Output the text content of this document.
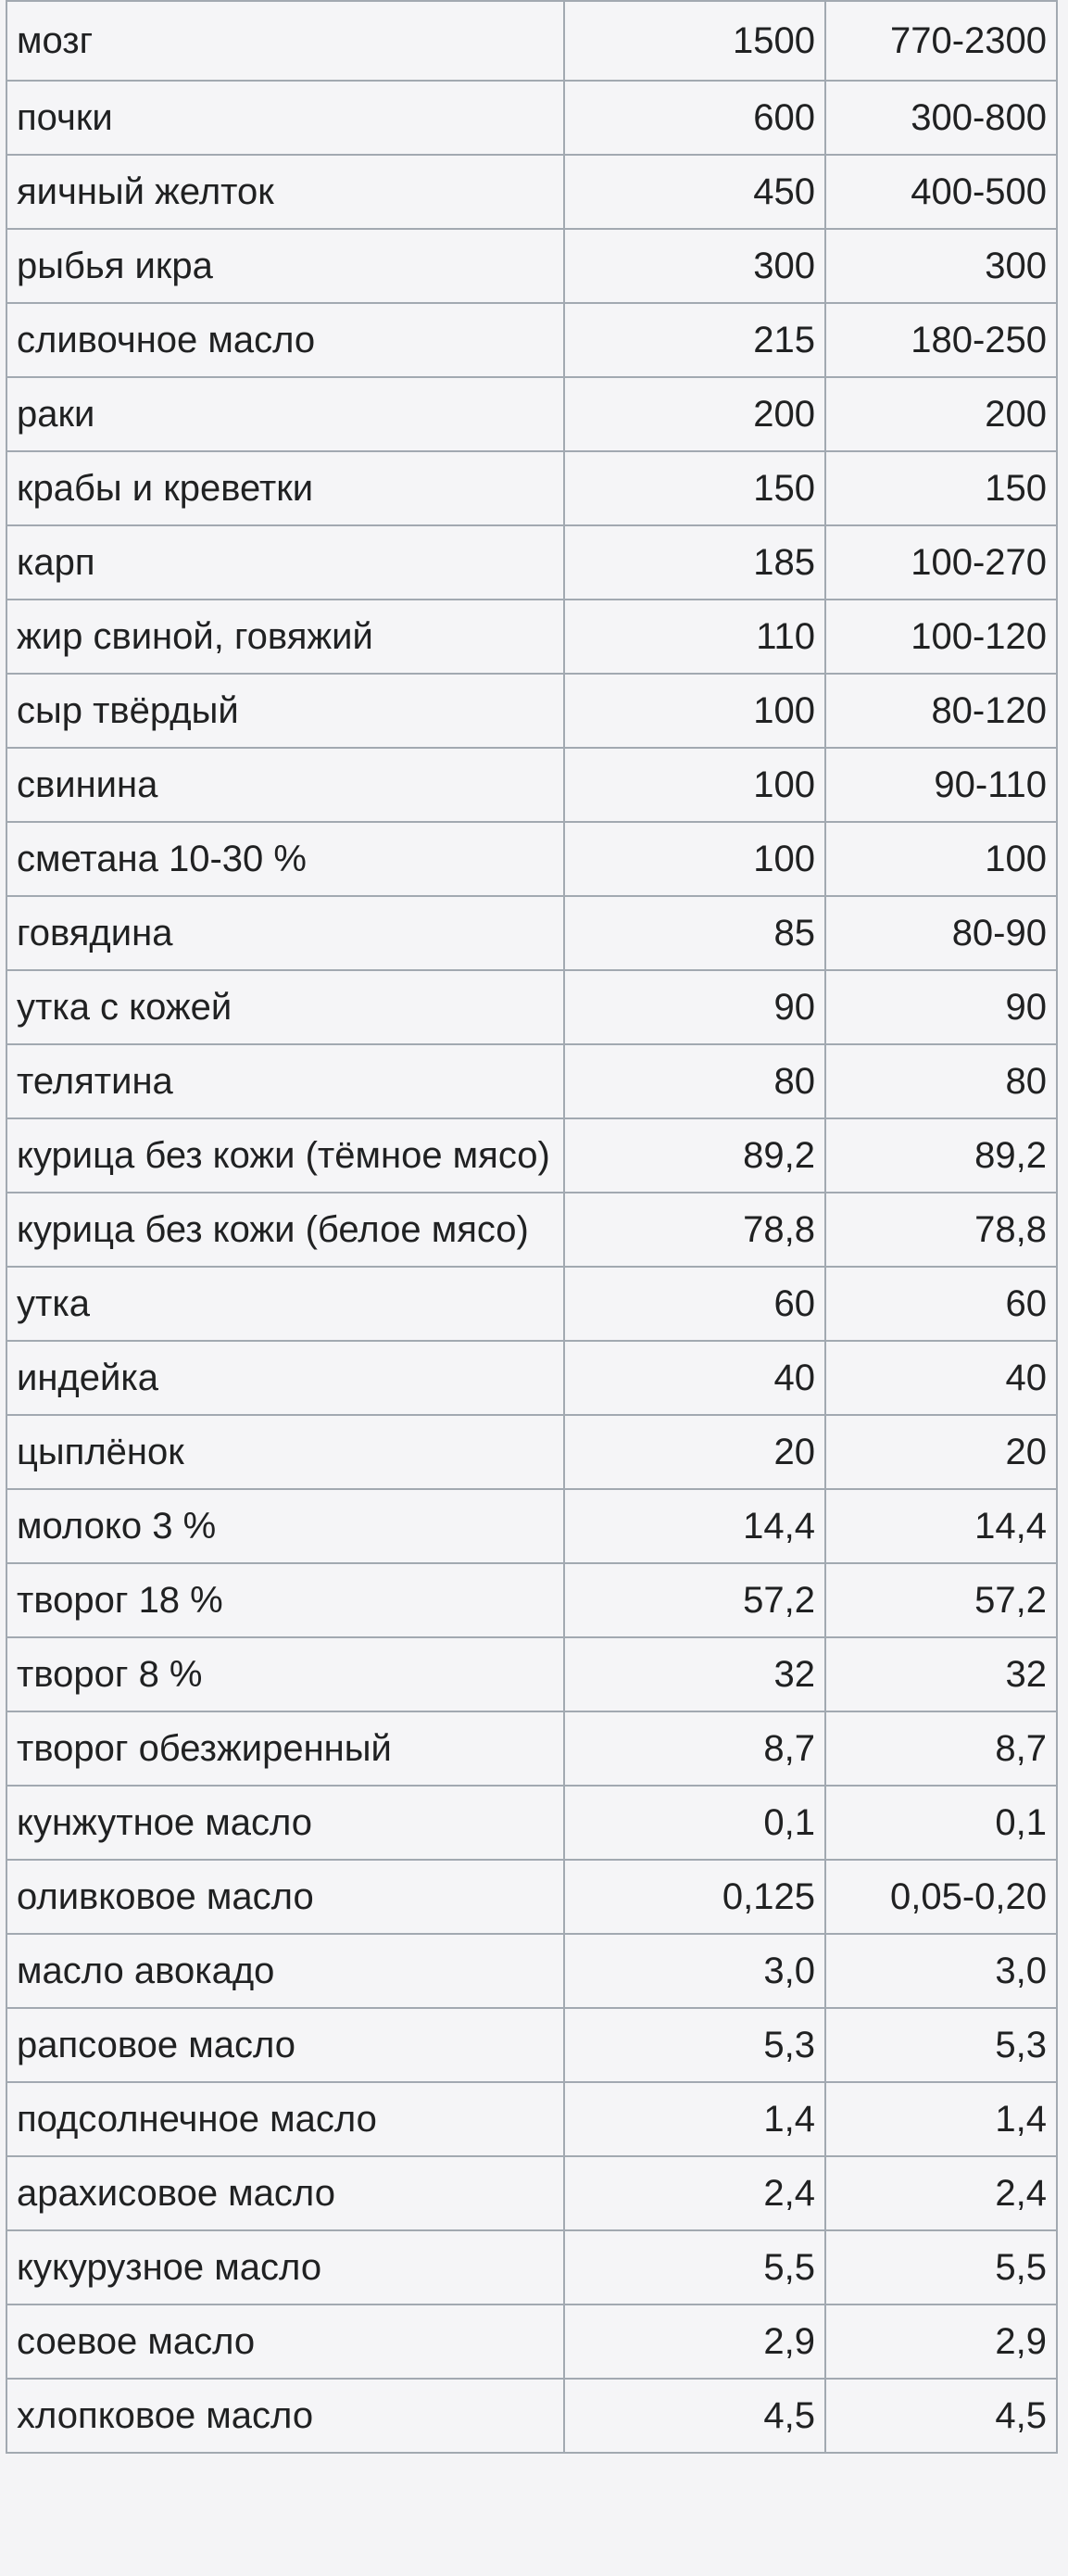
мозг	1500	770-2300
почки	600	300-800
яичный желток	450	400-500
рыбья икра	300	300
сливочное масло	215	180-250
раки	200	200
крабы и креветки	150	150
карп	185	100-270
жир свиной, говяжий	110	100-120
сыр твёрдый	100	80-120
свинина	100	90-110
сметана 10-30 %	100	100
говядина	85	80-90
утка с кожей	90	90
телятина	80	80
курица без кожи (тёмное мясо)	89,2	89,2
курица без кожи (белое мясо)	78,8	78,8
утка	60	60
индейка	40	40
цыплёнок	20	20
молоко 3 %	14,4	14,4
творог 18 %	57,2	57,2
творог 8 %	32	32
творог обезжиренный	8,7	8,7
кунжутное масло	0,1	0,1
оливковое масло	0,125	0,05-0,20
масло авокадо	3,0	3,0
рапсовое масло	5,3	5,3
подсолнечное масло	1,4	1,4
арахисовое масло	2,4	2,4
кукурузное масло	5,5	5,5
соевое масло	2,9	2,9
хлопковое масло	4,5	4,5
